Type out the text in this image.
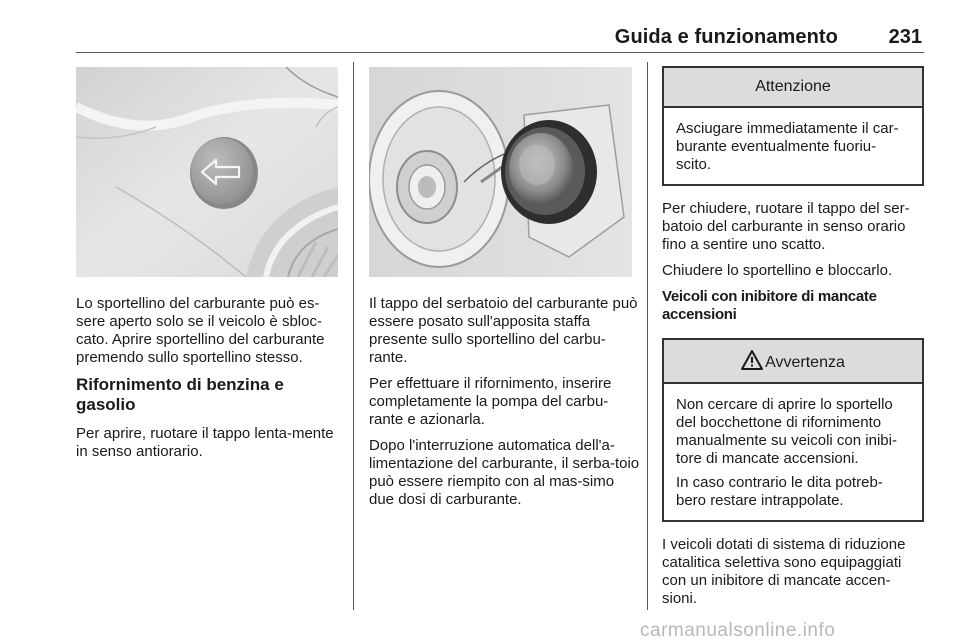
Guida e funzionamento	231

Lo sportellino del carburante può es-sere aperto solo se il veicolo è sbloc-cato. Aprire sportellino del carburante premendo sullo sportellino stesso.

Rifornimento di benzina e gasolio

Per aprire, ruotare il tappo lenta-mente in senso antiorario.

Il tappo del serbatoio del carburante può essere posato sull'apposita staffa presente sullo sportellino del carbu-rante.

Per effettuare il rifornimento, inserire completamente la pompa del carbu-rante e azionarla.

Dopo l'interruzione automatica dell'a-limentazione del carburante, il serba-toio può essere riempito con al mas-simo due dosi di carburante.

Attenzione

Asciugare immediatamente il car-burante eventualmente fuoriu-scito.

Per chiudere, ruotare il tappo del ser-batoio del carburante in senso orario fino a sentire uno scatto.

Chiudere lo sportellino e bloccarlo.

Veicoli con inibitore di mancate accensioni
Avvertenza

Non cercare di aprire lo sportello del bocchettone di rifornimento manualmente su veicoli con inibi-tore di mancate accensioni.

In caso contrario le dita potreb-bero restare intrappolate.

I veicoli dotati di sistema di riduzione catalitica selettiva sono equipaggiati con un inibitore di mancate accen-sioni.

carmanualsonline.info
